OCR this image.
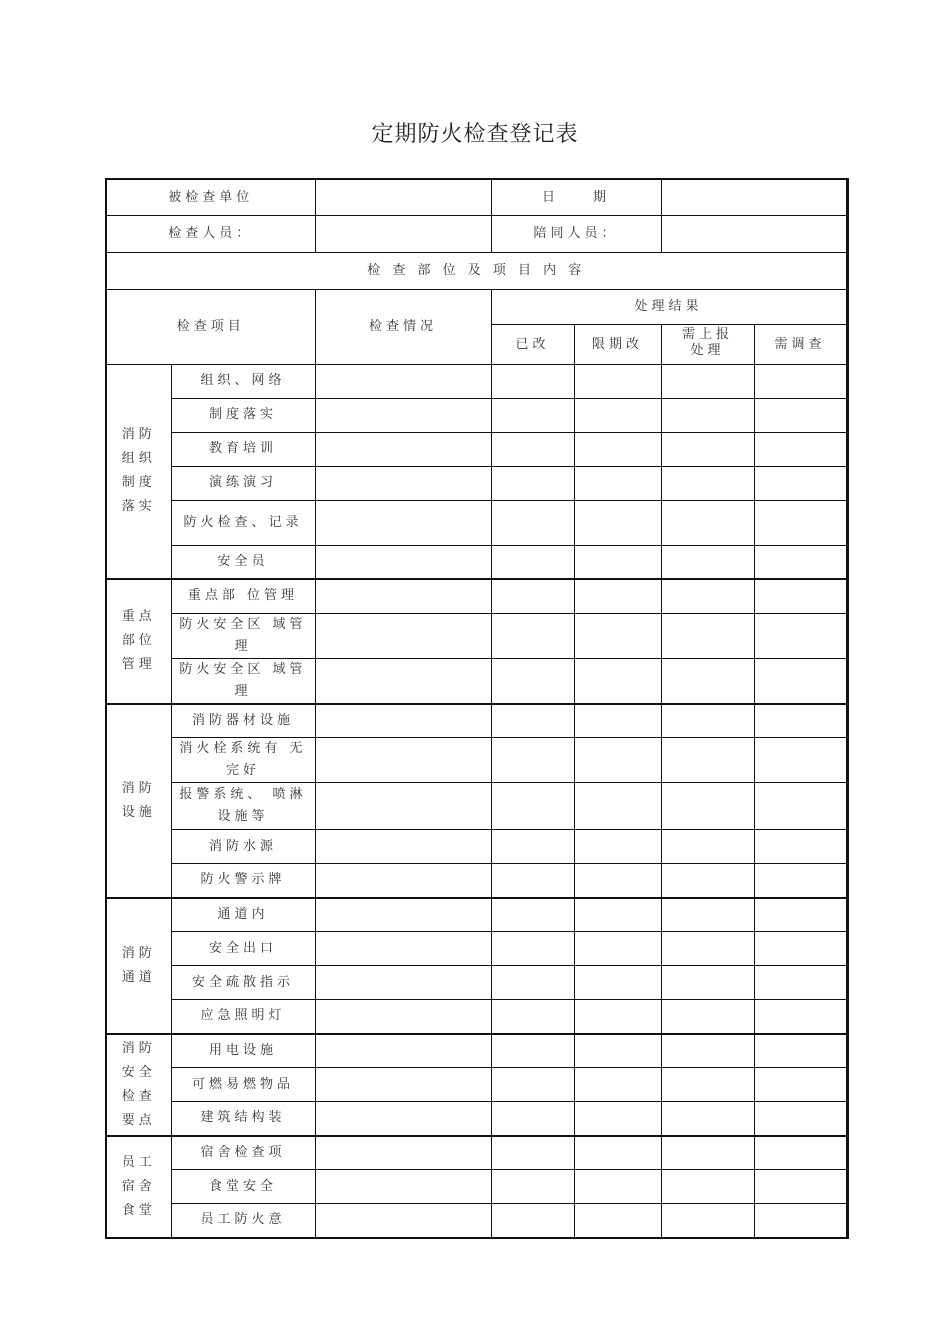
定期防火检查登记表
被检查单位			日　　期			
检查人员：			陪同人员：			
检 查 部 位 及 项 目 内 容						
检查项目		检查情况	处理结果			
			已改	限期改	需上报 处理	需调查
消防 组织 制度 落实	组织、网络					
	制度落实					
	教育培训					
	演练演习					
	防火检查、记录					
	安全员					
重点 部位 管理	重点部 位管理					
	防火安全区 域管理					
	防火安全区 域管理					
消防 设施	消防器材设施					
	消火栓系统有 无完好					
	报警系统、 喷淋设施等					
	消防水源					
	防火警示牌					
消防 通道	通道内					
	安全出口					
	安全疏散指示					
	应急照明灯					
消防 安全 检查 要点	用电设施					
	可燃易燃物品					
	建筑结构装					
员工 宿舍 食堂	宿舍检查项					
	食堂安全					
	员工防火意					
